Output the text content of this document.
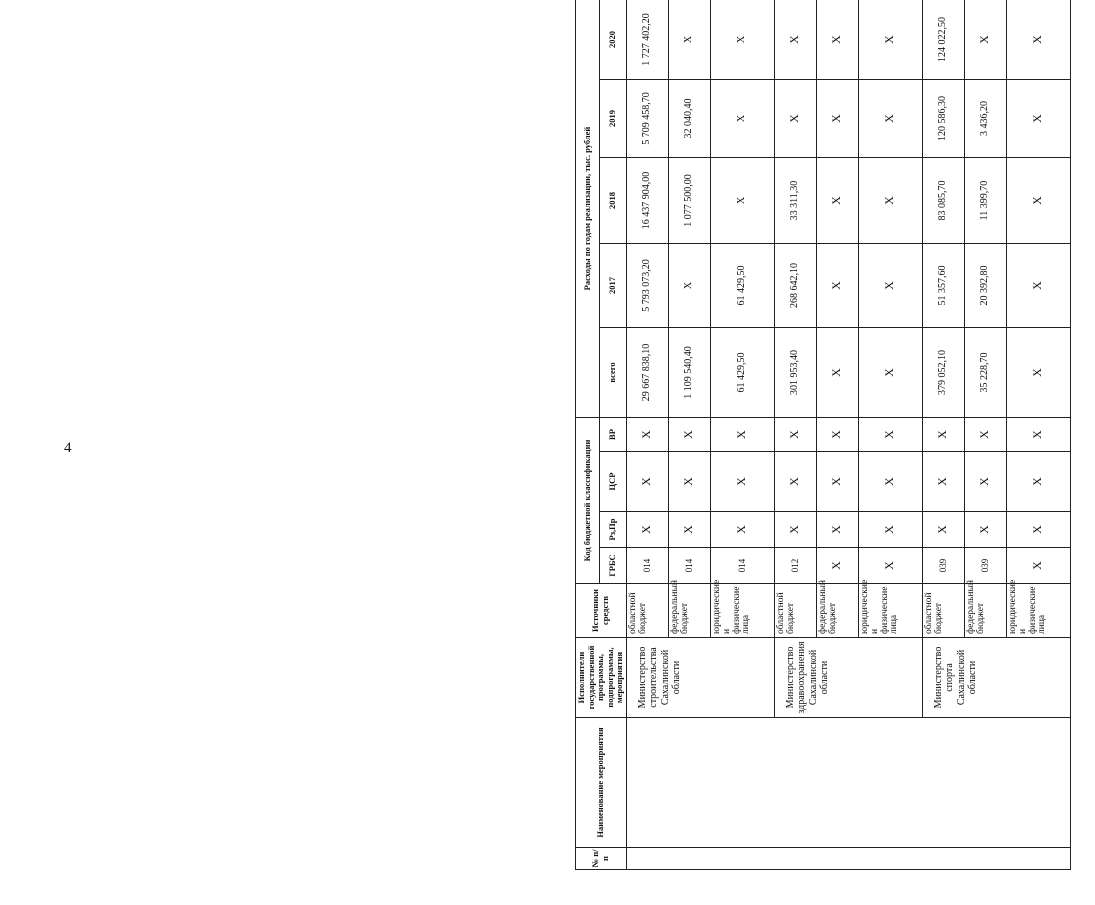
4
№ п/п	Наименование мероприятия	Исполнители государственной программы, подпрограммы, мероприятия	Источники средств	Код бюджетной классификации				Расходы по годам реализации, тыс. рублей				
				ГРБС	Рз,Пр	ЦСР	ВР	всего	2017	2018	2019	2020
		Министерство строительства Сахалинской области	областной бюджет	014	X	X	X	29 667 838,10	5 793 073,20	16 437 904,00	5 709 458,70	1 727 402,20
			федеральный бюджет	014	X	X	X	1 109 540,40	X	1 077 500,00	32 040,40	X
			юридические и физические лица	014	X	X	X	61 429,50	61 429,50	X	X	X
		Министерство здравоохранения Сахалинской области	областной бюджет	012	X	X	X	301 953,40	268 642,10	33 311,30	X	X
			федеральный бюджет	X	X	X	X	X	X	X	X	X
			юридические и физические лица	X	X	X	X	X	X	X	X	X
		Министерство спорта Сахалинской области	областной бюджет	039	X	X	X	379 052,10	51 357,60	83 085,70	120 586,30	124 022,50
			федеральный бюджет	039	X	X	X	35 228,70	20 392,80	11 399,70	3 436,20	X
			юридические и физические лица	X	X	X	X	X	X	X	X	X
